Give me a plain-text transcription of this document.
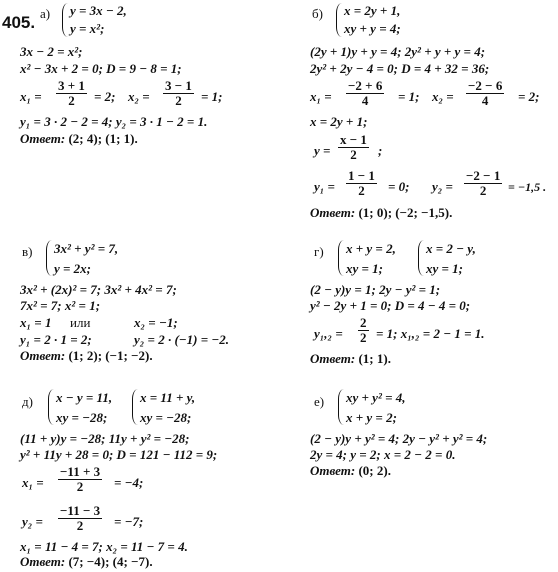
405. а) y = 3x − 2,
y = x²;
3x − 2 = x²;
x² − 3x + 2 = 0; D = 9 − 8 = 1;
$x_1 = \frac{3 + 1}{2} = 2$; $x_2 = \frac{3 - 1}{2} = 1$;
y₁ = 3 · 2 − 2 = 4; y₂ = 3 · 1 − 2 = 1.
Ответ: (2; 4); (1; 1).
б) x = 2y + 1,
xy + y = 4;
(2y + 1)y + y = 4; 2y² + y + y = 4;
2y² + 2y − 4 = 0; D = 4 + 32 = 36;
$x_1 = \frac{-2 + 6}{4} = 1$; $x_2 = \frac{-2 - 6}{4} = 2$;
x = 2y + 1;
$y = \frac{x - 1}{2}$ ;
$y_1 = \frac{1 - 1}{2} = 0$; $y_2 = \frac{-2 - 1}{2} = -1,5$ .
Ответ: (1; 0); (−2; −1,5).
в) 3x² + y² = 7,
y = 2x;
3x² + (2x)² = 7; 3x² + 4x² = 7;
7x² = 7; x² = 1;
x₁ = 1 или	x₂ = −1;
y₁ = 2 · 1 = 2;	y₂ = 2 · (−1) = −2.
Ответ: (1; 2); (−1; −2).
г) x + y = 2,
xy = 1;
x = 2 − y,
xy = 1;
(2 − y)y = 1; 2y − y² = 1;
y² − 2y + 1 = 0; D = 4 − 4 = 0;
$y_1,_2 = \frac{2}{2} = 1$; x₁,₂ = 2 − 1 = 1.
Ответ: (1; 1).
д) x − y = 11,
xy = −28;
x = 11 + y,
xy = −28;
(11 + y)y = −28; 11y + y² = −28;
y² + 11y + 28 = 0; D = 121 − 112 = 9;
$x_1 = \frac{-11 + 3}{2} = -4$;
$y_2 = \frac{-11 - 3}{2} = -7$;
x₁ = 11 − 4 = 7; x₂ = 11 − 7 = 4.
Ответ: (7; −4); (4; −7).
е) xy + y² = 4,
x + y = 2;
(2 − y)y + y² = 4; 2y − y² + y² = 4;
2y = 4; y = 2; x = 2 − 2 = 0.
Ответ: (0; 2).
